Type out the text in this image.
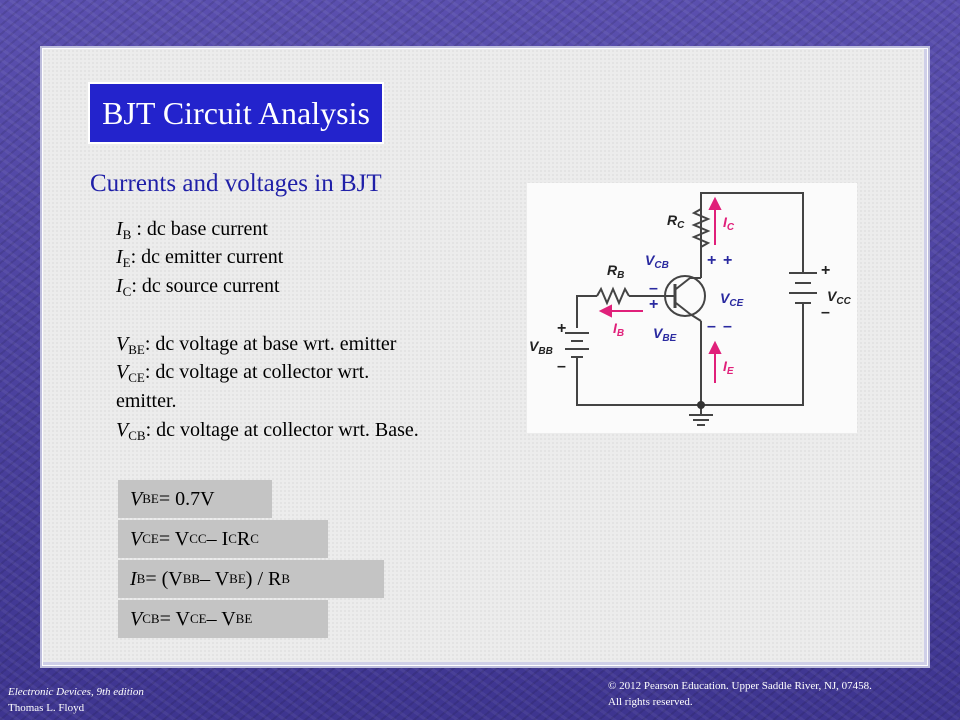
BJT Circuit Analysis
Currents and voltages in BJT
$I_B$ : dc base current
$I_E$: dc emitter current
$I_C$: dc source current
$V_{BE}$: dc voltage at base wrt. emitter
$V_{CE}$: dc voltage at collector wrt.
emitter.
$V_{CB}$: dc voltage at collector wrt. Base.
V BE = 0.7V
V CE = V CC – I C R C
I B = (V BB – V BE ) / R B
V CB = V CE – V BE
$R_C$	$I_C$
$R_B$
$V_{CB}$
$V_{CE}$
$V_{BE}$
$I_B$
$I_E$
$V_{BB}$
$V_{CC}$
+ +
–
+
– –
+
–
+
–
Electronic Devices, 9th edition
Thomas L. Floyd
© 2012 Pearson Education. Upper Saddle River, NJ, 07458.
All rights reserved.
